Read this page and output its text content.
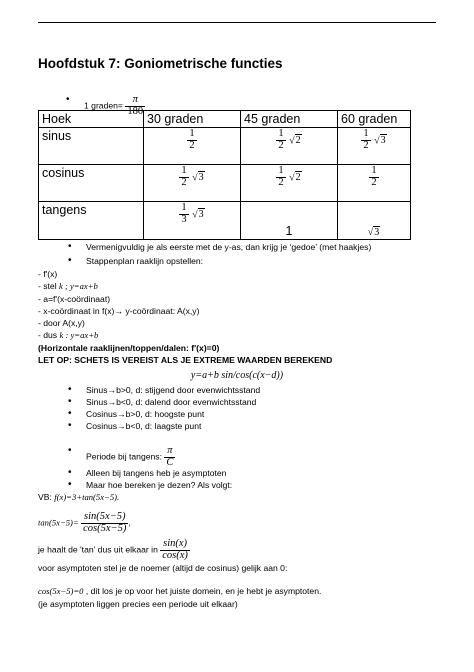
Hoofdstuk 7: Goniometrische functies
• 1 graden= $\frac{\pi}{180}$
Hoek	30 graden	45 graden	60 graden
sinus	$\frac{1}{2}$	$\frac{1}{2} √2$	$\frac{1}{2} √3$
cosinus	$\frac{1}{2} √3$	$\frac{1}{2} √2$	$\frac{1}{2}$

tangens	$\frac{1}{3} √3$	1	√3
• Vermenigvuldig je als eerste met de y-as, dan krijg je ‘gedoe’ (met haakjes)
• Stappenplan raaklijn opstellen:
- f'(x)
- stel k ; y=ax+b
- a=f'(x-coördinaat)
- x-coördinaat in f(x)→ y-coördinaat: A(x,y)
- door A(x,y)
- dus k : y=ax+b
(Horizontale raaklijnen/toppen/dalen: f'(x)=0)
LET OP: SCHETS IS VEREIST ALS JE EXTREME WAARDEN BEREKEND
y=a+b sin/cos(c(x−d))
• Sinus→b>0, d: stijgend door evenwichtsstand
• Sinus→b<0, d: dalend door evenwichtsstand
• Cosinus→b>0, d: hoogste punt
• Cosinus→b<0, d: laagste punt
• Periode bij tangens: $\frac{\pi}{C}$
• Alleen bij tangens heb je asymptoten
• Maar hoe bereken je dezen? Als volgt:
VB: f(x)=3+tan(5x−5).
$\tan(5x-5)= \frac{\sin(5x-5)}{\cos(5x-5)}$ ,
je haalt de 'tan' dus uit elkaar in $\frac{\sin(x)}{\cos(x)}$
voor asymptoten stel je de noemer (altijd de cosinus) gelijk aan 0:
cos(5x−5)=0 , dit los je op voor het juiste domein, en je hebt je asymptoten.
(je asymptoten liggen precies een periode uit elkaar)
